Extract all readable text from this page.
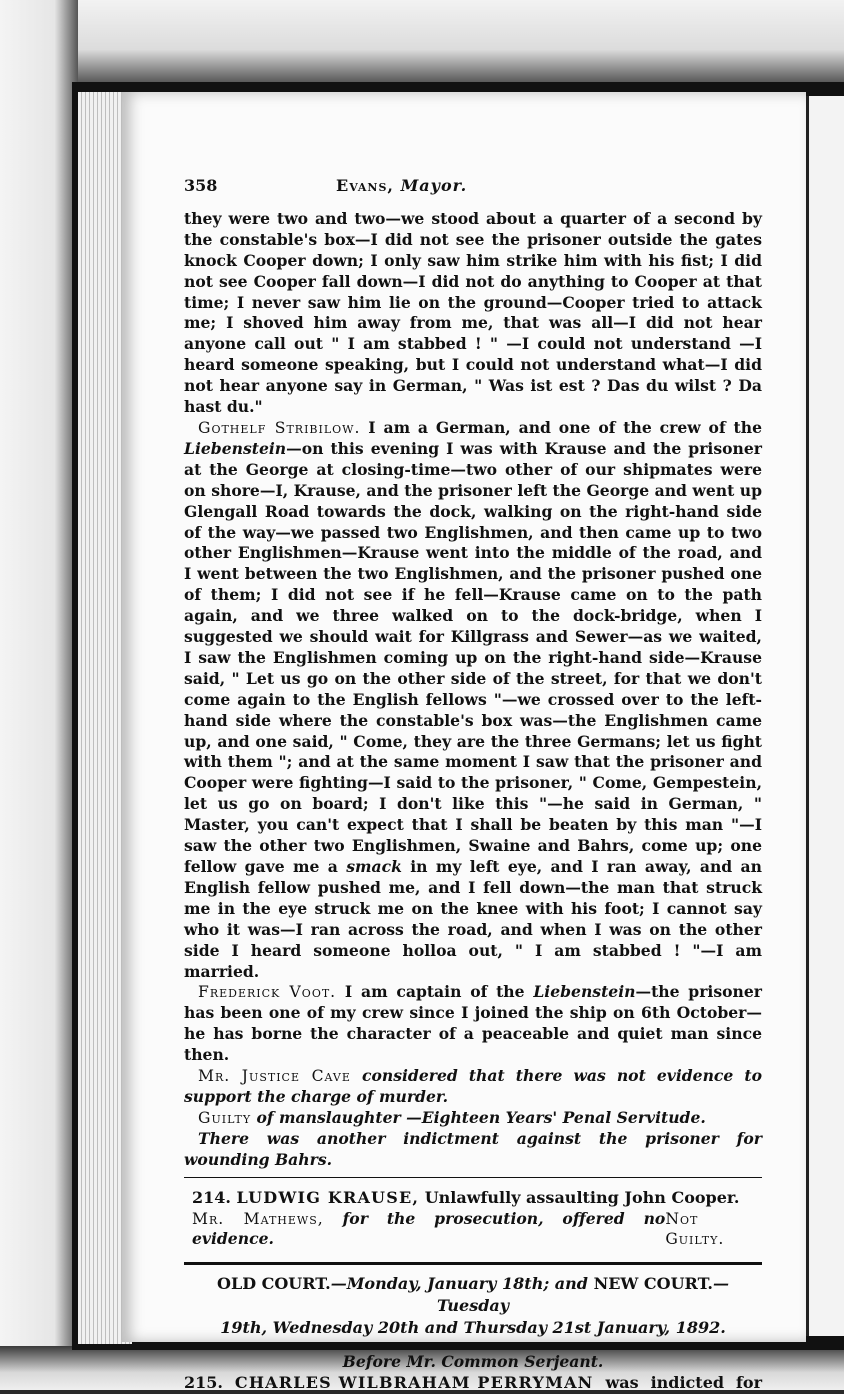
358	Evans, Mayor.

they were two and two—we stood about a quarter of a second by the constable's box—I did not see the prisoner outside the gates knock Cooper down; I only saw him strike him with his fist; I did not see Cooper fall down—I did not do anything to Cooper at that time; I never saw him lie on the ground—Cooper tried to attack me; I shoved him away from me, that was all—I did not hear anyone call out " I am stabbed ! " —I could not understand —I heard someone speaking, but I could not understand what—I did not hear anyone say in German, " Was ist est ? Das du wilst ? Da hast du."

Gothelf Stribilow. I am a German, and one of the crew of the Liebenstein—on this evening I was with Krause and the prisoner at the George at closing-time—two other of our shipmates were on shore—I, Krause, and the prisoner left the George and went up Glengall Road towards the dock, walking on the right-hand side of the way—we passed two Englishmen, and then came up to two other Englishmen—Krause went into the middle of the road, and I went between the two Englishmen, and the prisoner pushed one of them; I did not see if he fell—Krause came on to the path again, and we three walked on to the dock-bridge, when I suggested we should wait for Killgrass and Sewer—as we waited, I saw the Englishmen coming up on the right-hand side—Krause said, " Let us go on the other side of the street, for that we don't come again to the English fellows "—we crossed over to the left-hand side where the constable's box was—the Englishmen came up, and one said, " Come, they are the three Germans; let us fight with them "; and at the same moment I saw that the prisoner and Cooper were fighting—I said to the prisoner, " Come, Gempestein, let us go on board; I don't like this "—he said in German, " Master, you can't expect that I shall be beaten by this man "—I saw the other two Englishmen, Swaine and Bahrs, come up; one fellow gave me a smack in my left eye, and I ran away, and an English fellow pushed me, and I fell down—the man that struck me in the eye struck me on the knee with his foot; I cannot say who it was—I ran across the road, and when I was on the other side I heard someone holloa out, " I am stabbed ! "—I am married.

Frederick Voot. I am captain of the Liebenstein—the prisoner has been one of my crew since I joined the ship on 6th October—he has borne the character of a peaceable and quiet man since then.

Mr. Justice Cave considered that there was not evidence to support the charge of murder.

Guilty of manslaughter —Eighteen Years' Penal Servitude.

There was another indictment against the prisoner for wounding Bahrs.

214. LUDWIG KRAUSE, Unlawfully assaulting John Cooper.

Mr. Mathews, for the prosecution, offered no evidence.
Not Guilty.
OLD COURT.—Monday, January 18th; and NEW COURT.—Tuesday
19th, Wednesday 20th and Thursday 21st January, 1892.
Before Mr. Common Serjeant.
215. CHARLES WILBRAHAM PERRYMAN was indicted for
